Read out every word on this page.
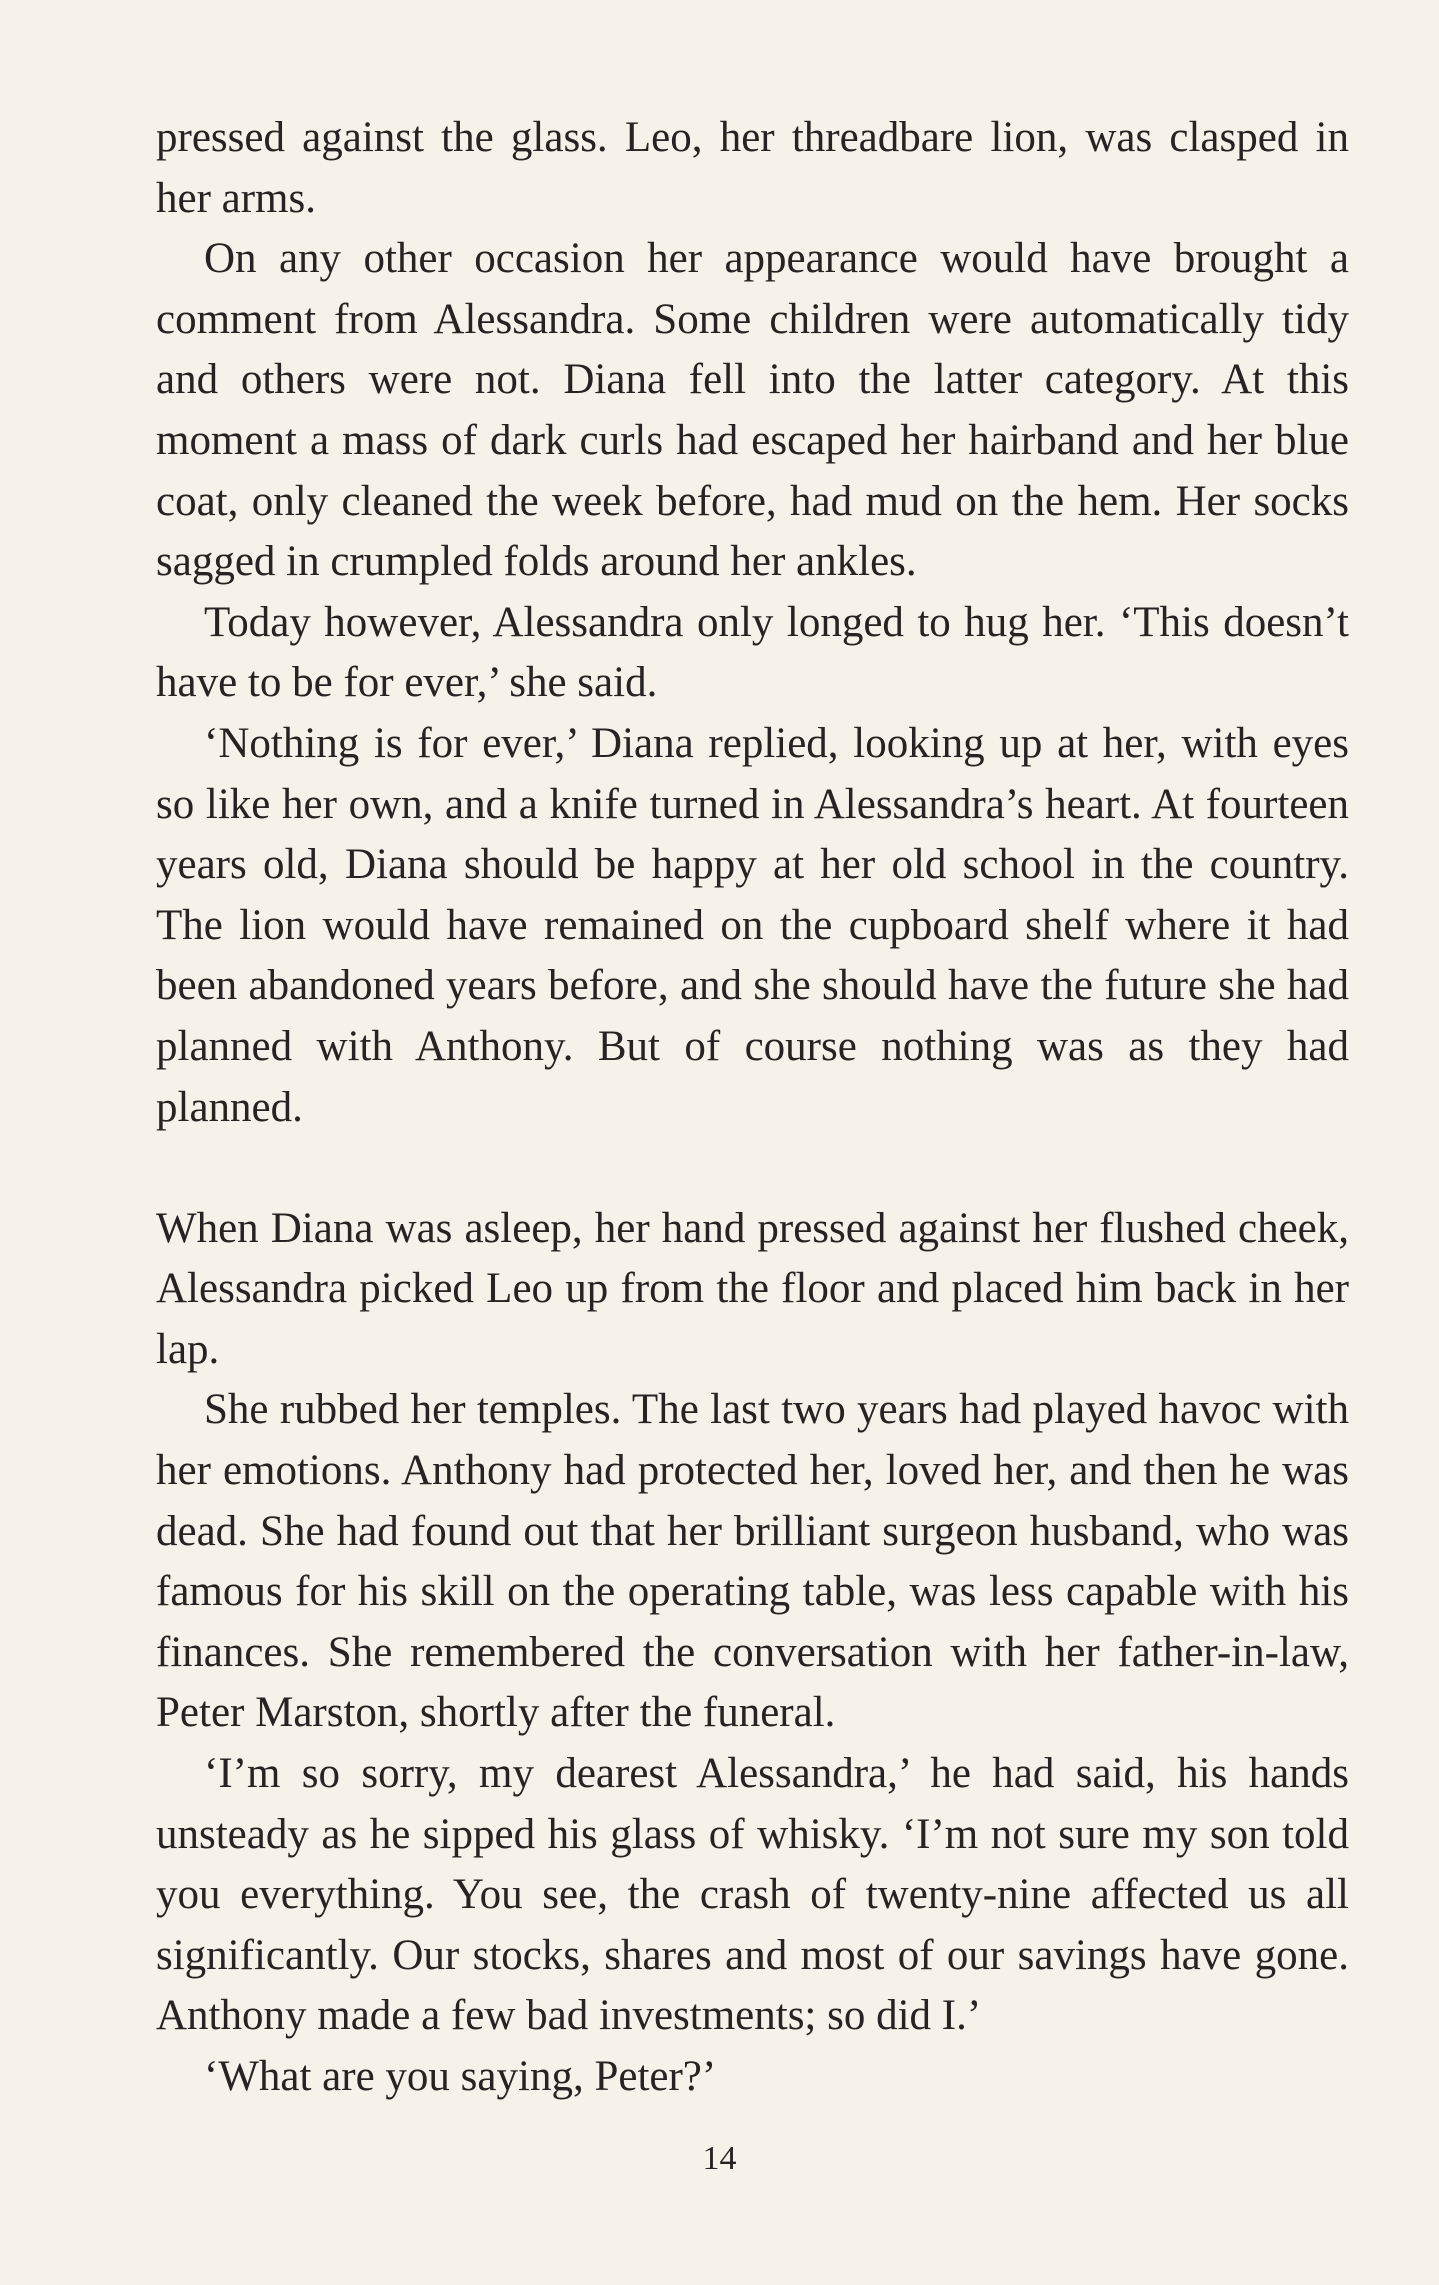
pressed against the glass. Leo, her threadbare lion, was clasped in her arms.

On any other occasion her appearance would have brought a comment from Alessandra. Some children were automatically tidy and others were not. Diana fell into the latter category. At this moment a mass of dark curls had escaped her hairband and her blue coat, only cleaned the week before, had mud on the hem. Her socks sagged in crumpled folds around her ankles.

Today however, Alessandra only longed to hug her. ‘This doesn’t have to be for ever,’ she said.

‘Nothing is for ever,’ Diana replied, looking up at her, with eyes so like her own, and a knife turned in Alessandra’s heart. At fourteen years old, Diana should be happy at her old school in the country. The lion would have remained on the cupboard shelf where it had been abandoned years before, and she should have the future she had planned with Anthony. But of course nothing was as they had planned.

When Diana was asleep, her hand pressed against her flushed cheek, Alessandra picked Leo up from the floor and placed him back in her lap.

She rubbed her temples. The last two years had played havoc with her emotions. Anthony had protected her, loved her, and then he was dead. She had found out that her brilliant surgeon husband, who was famous for his skill on the operating table, was less capable with his finances. She remembered the conversation with her father-in-law, Peter Marston, shortly after the funeral.

‘I’m so sorry, my dearest Alessandra,’ he had said, his hands unsteady as he sipped his glass of whisky. ‘I’m not sure my son told you everything. You see, the crash of twenty-nine affected us all significantly. Our stocks, shares and most of our savings have gone. Anthony made a few bad investments; so did I.’

‘What are you saying, Peter?’

14
